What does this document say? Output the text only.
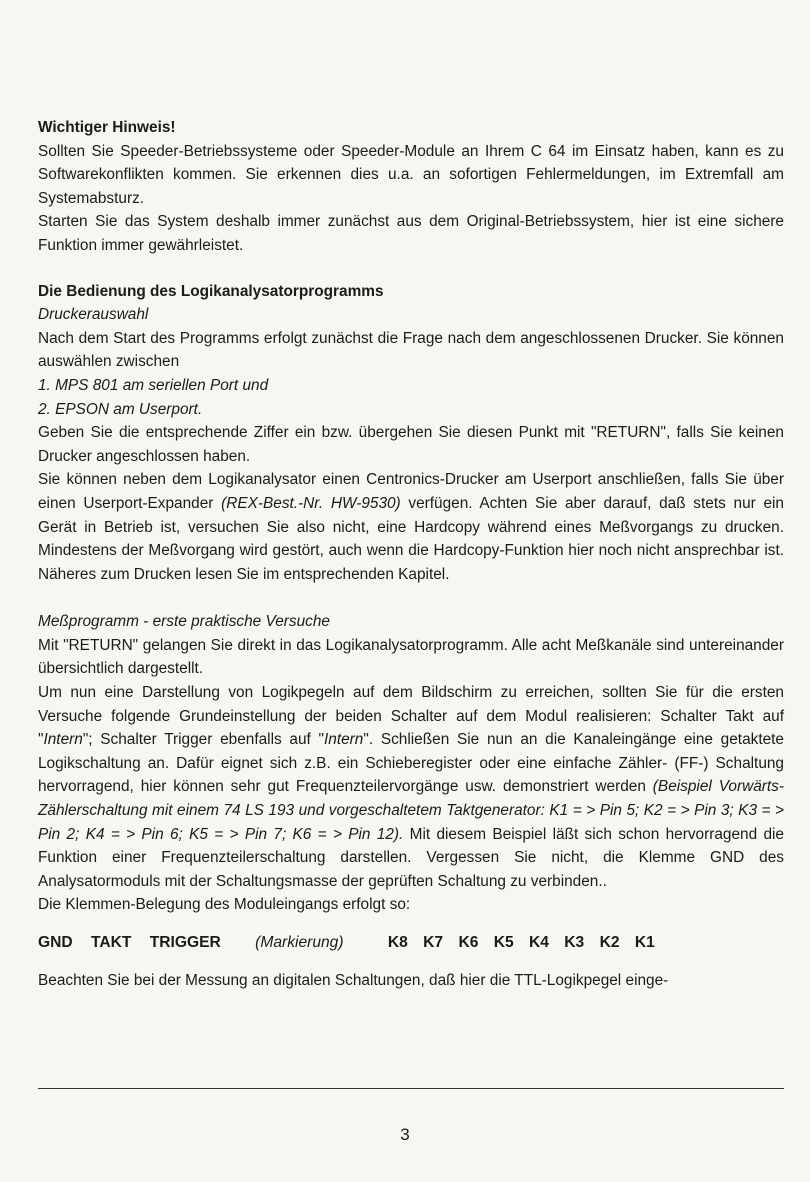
Wichtiger Hinweis!

Sollten Sie Speeder-Betriebssysteme oder Speeder-Module an Ihrem C 64 im Einsatz haben, kann es zu Softwarekonflikten kommen. Sie erkennen dies u.a. an sofortigen Fehlermeldungen, im Extremfall am Systemabsturz.

Starten Sie das System deshalb immer zunächst aus dem Original-Betriebssystem, hier ist eine sichere Funktion immer gewährleistet.

Die Bedienung des Logikanalysatorprogramms

Druckerauswahl

Nach dem Start des Programms erfolgt zunächst die Frage nach dem angeschlossenen Drucker. Sie können auswählen zwischen

1. MPS 801 am seriellen Port und

2. EPSON am Userport.

Geben Sie die entsprechende Ziffer ein bzw. übergehen Sie diesen Punkt mit "RETURN", falls Sie keinen Drucker angeschlossen haben.

Sie können neben dem Logikanalysator einen Centronics-Drucker am Userport anschließen, falls Sie über einen Userport-Expander (REX-Best.-Nr. HW-9530) verfügen. Achten Sie aber darauf, daß stets nur ein Gerät in Betrieb ist, versuchen Sie also nicht, eine Hardcopy während eines Meßvorgangs zu drucken. Mindestens der Meßvorgang wird gestört, auch wenn die Hardcopy-Funktion hier noch nicht ansprechbar ist. Näheres zum Drucken lesen Sie im entsprechenden Kapitel.

Meßprogramm - erste praktische Versuche

Mit "RETURN" gelangen Sie direkt in das Logikanalysatorprogramm. Alle acht Meßkanäle sind untereinander übersichtlich dargestellt.

Um nun eine Darstellung von Logikpegeln auf dem Bildschirm zu erreichen, sollten Sie für die ersten Versuche folgende Grundeinstellung der beiden Schalter auf dem Modul realisieren: Schalter Takt auf "Intern"; Schalter Trigger ebenfalls auf "Intern". Schließen Sie nun an die Kanaleingänge eine getaktete Logikschaltung an. Dafür eignet sich z.B. ein Schieberegister oder eine einfache Zähler- (FF-) Schaltung hervorragend, hier können sehr gut Frequenzteilervorgänge usw. demonstriert werden (Beispiel Vorwärts-Zählerschaltung mit einem 74 LS 193 und vorgeschaltetem Taktgenerator: K1 = > Pin 5; K2 = > Pin 3; K3 = > Pin 2; K4 = > Pin 6; K5 = > Pin 7; K6 = > Pin 12). Mit diesem Beispiel läßt sich schon hervorragend die Funktion einer Frequenzteilerschaltung darstellen. Vergessen Sie nicht, die Klemme GND des Analysatormoduls mit der Schaltungsmasse der geprüften Schaltung zu verbinden..

Die Klemmen-Belegung des Moduleingangs erfolgt so:

GND TAKT TRIGGER (Markierung)	K8 K7 K6 K5 K4 K3 K2 K1

Beachten Sie bei der Messung an digitalen Schaltungen, daß hier die TTL-Logikpegel einge-

3
